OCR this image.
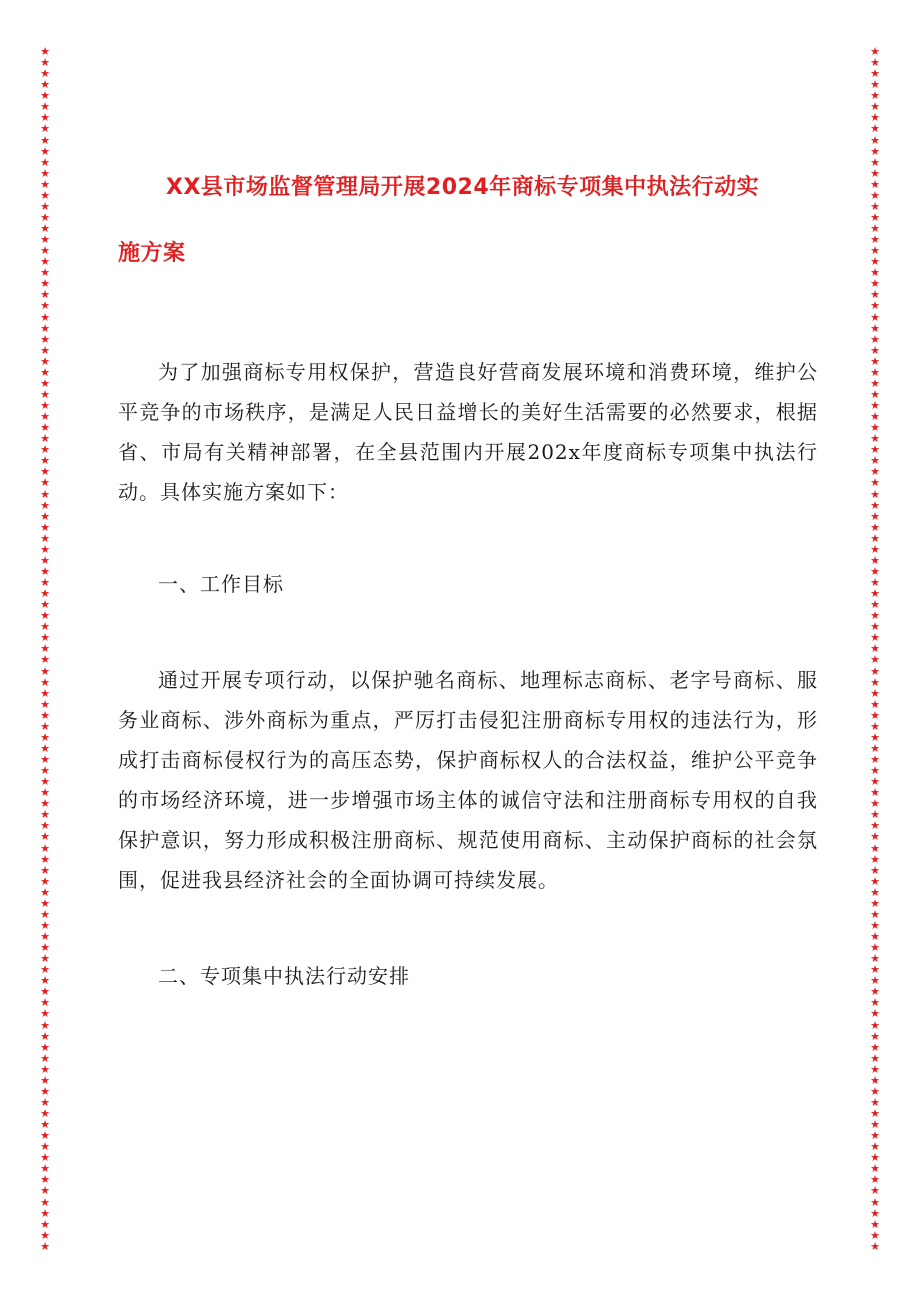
★
★
★
★
★
★
★
★
★
★
★
★
★
★
★
★
★
★
★
★
★
★
★
★
★
★
★
★
★
★
★
★
★
★
★
★
★
★
★
★
★
★
★
★
★
★
★
★
★
★
★
★
★
★
★
★
★
★
★
★
★
★
★
★
★
★
★
★
★
★
★
★
★
★
★
★
★
★
★
★
★
★
★
★
★
★
★
★
★
★
★
★
★
★
★
★
★
★
★
★
★
★
★
★
★
★
★
★
★
★
★
★
★
★
★
★
★
★
★
★
★
★
★
★
★
★
★
★
★
★
★
★
★
★
★
★
★
★
★
★
★
★
★
★
★
★
★
★
★
★
★
★
★
★
★
★
★
★
★
★
★
★
★
★
★
★
★
★
★
★
★
★
★
★
★
★
★
★
★
★
★
★
★
★
★
★
★
★
★
★
★
★
★
★
★
★
★
★
★
★
★
★
★
★
★
★
★
★
★
★
★
★
★
★
★
★
★
★
XX县市场监督管理局开展2024年商标专项集中执法行动实
施方案

为了加强商标专用权保护，营造良好营商发展环境和消费环境，维护公平竞争的市场秩序，是满足人民日益增长的美好生活需要的必然要求，根据省、市局有关精神部署，在全县范围内开展202x年度商标专项集中执法行动。具体实施方案如下：

一、工作目标

通过开展专项行动，以保护驰名商标、地理标志商标、老字号商标、服务业商标、涉外商标为重点，严厉打击侵犯注册商标专用权的违法行为，形成打击商标侵权行为的高压态势，保护商标权人的合法权益，维护公平竞争的市场经济环境，进一步增强市场主体的诚信守法和注册商标专用权的自我保护意识，努力形成积极注册商标、规范使用商标、主动保护商标的社会氛围，促进我县经济社会的全面协调可持续发展。

二、专项集中执法行动安排
